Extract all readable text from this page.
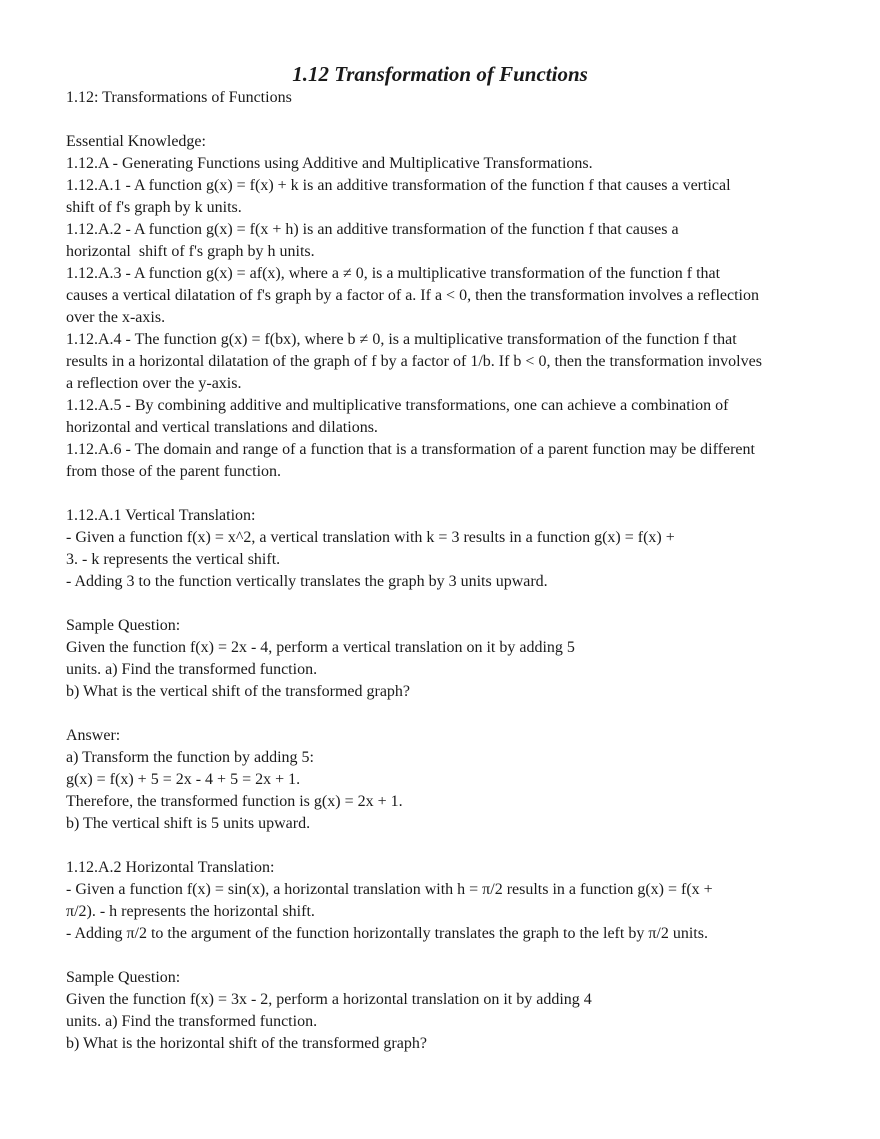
1.12 Transformation of Functions
1.12: Transformations of Functions
Essential Knowledge:
1.12.A - Generating Functions using Additive and Multiplicative Transformations.
1.12.A.1 - A function g(x) = f(x) + k is an additive transformation of the function f that causes a vertical
shift of f's graph by k units.
1.12.A.2 - A function g(x) = f(x + h) is an additive transformation of the function f that causes a
horizontal  shift of f's graph by h units.
1.12.A.3 - A function g(x) = af(x), where a ≠ 0, is a multiplicative transformation of the function f that
causes a vertical dilatation of f's graph by a factor of a. If a < 0, then the transformation involves a reflection
over the x-axis.
1.12.A.4 - The function g(x) = f(bx), where b ≠ 0, is a multiplicative transformation of the function f that
results in a horizontal dilatation of the graph of f by a factor of 1/b. If b < 0, then the transformation involves
a reflection over the y-axis.
1.12.A.5 - By combining additive and multiplicative transformations, one can achieve a combination of
horizontal and vertical translations and dilations.
1.12.A.6 - The domain and range of a function that is a transformation of a parent function may be different
from those of the parent function.
1.12.A.1 Vertical Translation:
- Given a function f(x) = x^2, a vertical translation with k = 3 results in a function g(x) = f(x) +
3. - k represents the vertical shift.
- Adding 3 to the function vertically translates the graph by 3 units upward.
Sample Question:
Given the function f(x) = 2x - 4, perform a vertical translation on it by adding 5
units. a) Find the transformed function.
b) What is the vertical shift of the transformed graph?
Answer:
a) Transform the function by adding 5:
g(x) = f(x) + 5 = 2x - 4 + 5 = 2x + 1.
Therefore, the transformed function is g(x) = 2x + 1.
b) The vertical shift is 5 units upward.
1.12.A.2 Horizontal Translation:
- Given a function f(x) = sin(x), a horizontal translation with h = π/2 results in a function g(x) = f(x +
π/2). - h represents the horizontal shift.
- Adding π/2 to the argument of the function horizontally translates the graph to the left by π/2 units.
Sample Question:
Given the function f(x) = 3x - 2, perform a horizontal translation on it by adding 4
units. a) Find the transformed function.
b) What is the horizontal shift of the transformed graph?
